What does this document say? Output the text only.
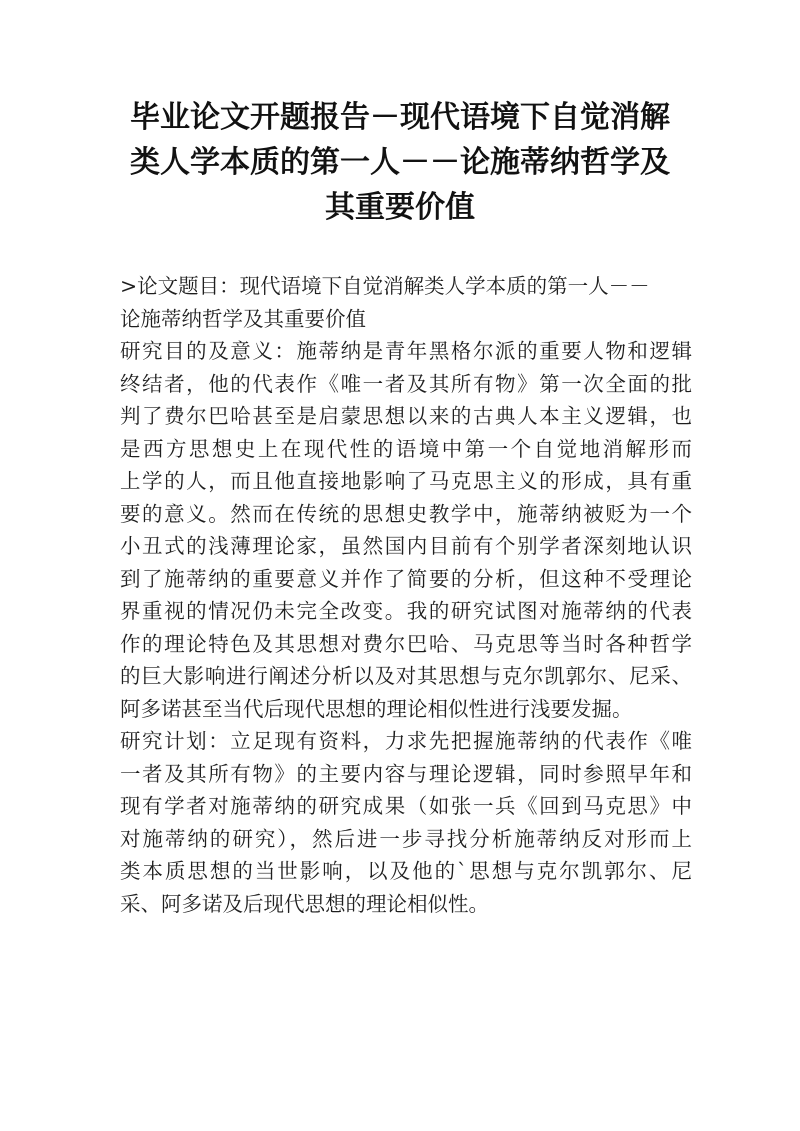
毕业论文开题报告－现代语境下自觉消解
类人学本质的第一人－－论施蒂纳哲学及
其重要价值
>论文题目：现代语境下自觉消解类人学本质的第一人－－
论施蒂纳哲学及其重要价值
研究目的及意义：施蒂纳是青年黑格尔派的重要人物和逻辑
终结者，他的代表作《唯一者及其所有物》第一次全面的批
判了费尔巴哈甚至是启蒙思想以来的古典人本主义逻辑，也
是西方思想史上在现代性的语境中第一个自觉地消解形而
上学的人，而且他直接地影响了马克思主义的形成，具有重
要的意义。然而在传统的思想史教学中，施蒂纳被贬为一个
小丑式的浅薄理论家，虽然国内目前有个别学者深刻地认识
到了施蒂纳的重要意义并作了简要的分析，但这种不受理论
界重视的情况仍未完全改变。我的研究试图对施蒂纳的代表
作的理论特色及其思想对费尔巴哈、马克思等当时各种哲学
的巨大影响进行阐述分析以及对其思想与克尔凯郭尔、尼采、
阿多诺甚至当代后现代思想的理论相似性进行浅要发掘。
研究计划：立足现有资料，力求先把握施蒂纳的代表作《唯
一者及其所有物》的主要内容与理论逻辑，同时参照早年和
现有学者对施蒂纳的研究成果（如张一兵《回到马克思》中
对施蒂纳的研究），然后进一步寻找分析施蒂纳反对形而上
类本质思想的当世影响，以及他的`思想与克尔凯郭尔、尼
采、阿多诺及后现代思想的理论相似性。
